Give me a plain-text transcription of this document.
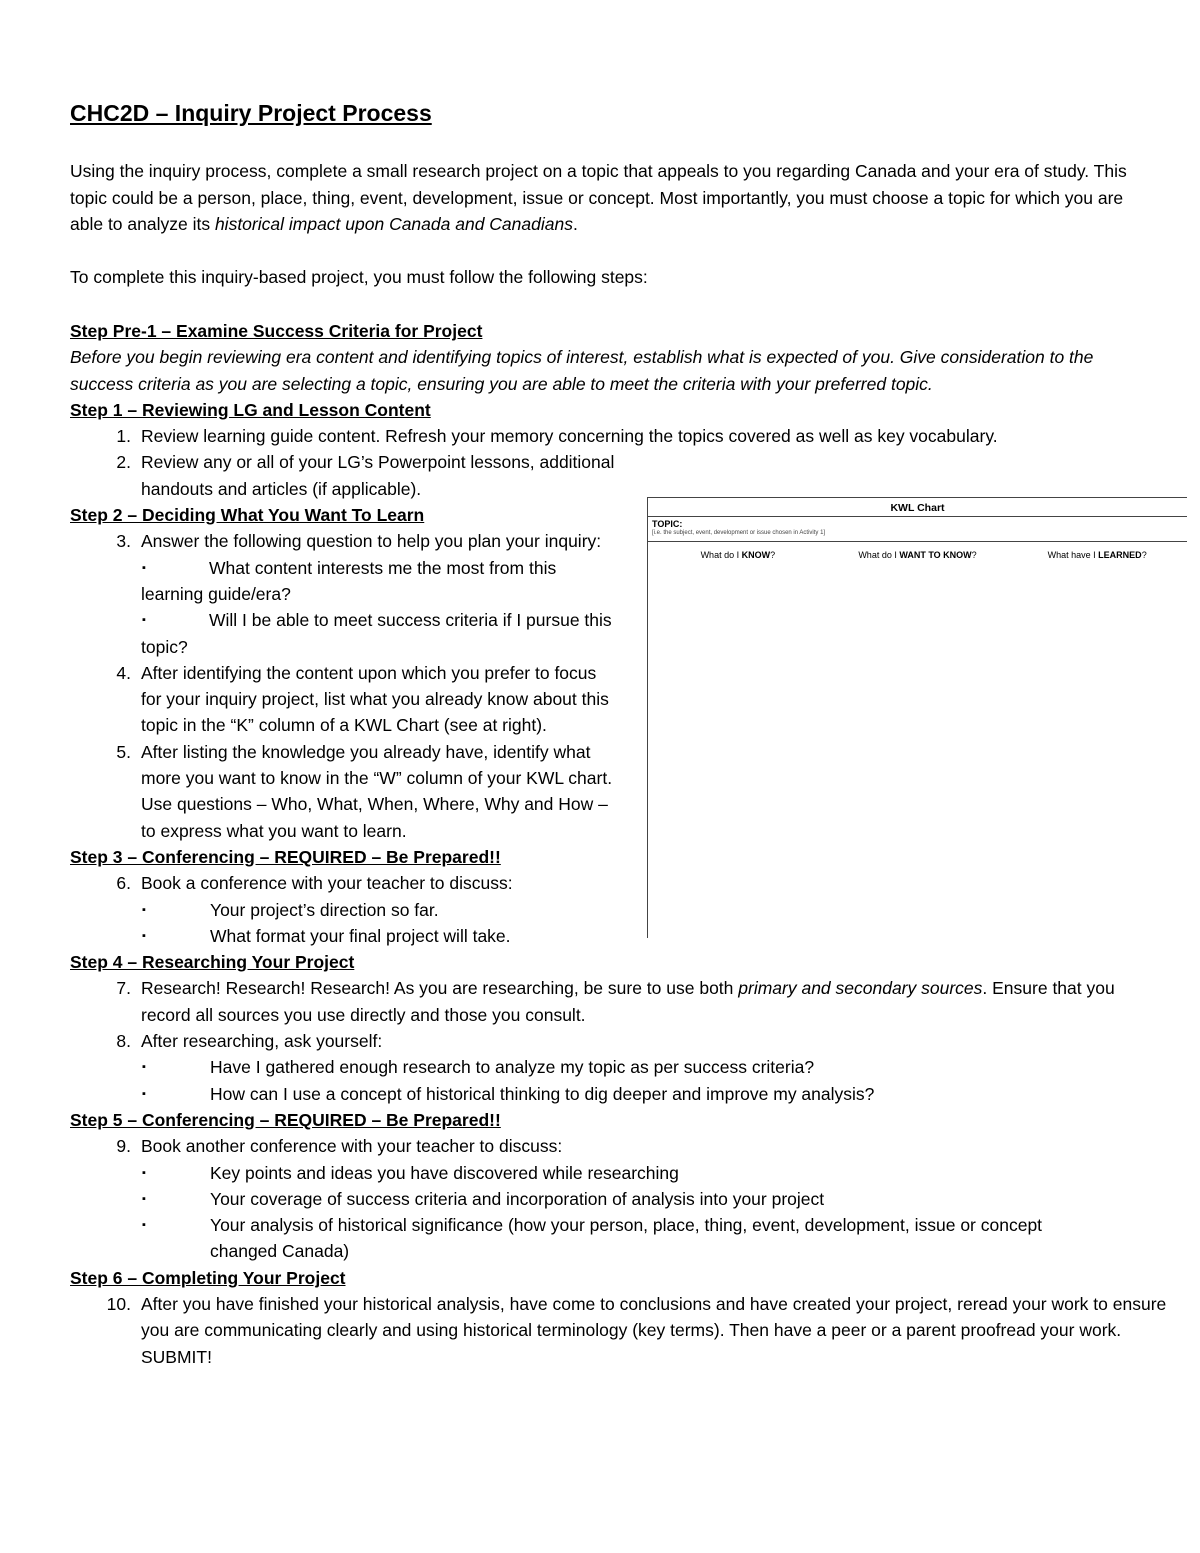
CHC2D – Inquiry Project Process

Using the inquiry process, complete a small research project on a topic that appeals to you regarding Canada and your era of study. This topic could be a person, place, thing, event, development, issue or concept. Most importantly, you must choose a topic for which you are able to analyze its historical impact upon Canada and Canadians.

To complete this inquiry-based project, you must follow the following steps:

Step Pre-1 – Examine Success Criteria for Project
Before you begin reviewing era content and identifying topics of interest, establish what is expected of you. Give consideration to the success criteria as you are selecting a topic, ensuring you are able to meet the criteria with your preferred topic.
Step 1 – Reviewing LG and Lesson Content
1. Review learning guide content. Refresh your memory concerning the topics covered as well as key vocabulary.
2. Review any or all of your LG’s Powerpoint lessons, additional handouts and articles (if applicable).
Step 2 – Deciding What You Want To Learn
3. Answer the following question to help you plan your inquiry:
▪	What content interests me the most from this learning guide/era?
▪	Will I be able to meet success criteria if I pursue this topic?
4. After identifying the content upon which you prefer to focus for your inquiry project, list what you already know about this topic in the “K” column of a KWL Chart (see at right).
5. After listing the knowledge you already have, identify what more you want to know in the “W” column of your KWL chart. Use questions – Who, What, When, Where, Why and How – to express what you want to learn.
Step 3 – Conferencing – REQUIRED – Be Prepared!!
6. Book a conference with your teacher to discuss:
▪	Your project’s direction so far.
▪	What format your final project will take.
Step 4 – Researching Your Project
7. Research! Research! Research! As you are researching, be sure to use both primary and secondary sources. Ensure that you record all sources you use directly and those you consult.
8. After researching, ask yourself:
▪	Have I gathered enough research to analyze my topic as per success criteria?
▪	How can I use a concept of historical thinking to dig deeper and improve my analysis?
Step 5 – Conferencing – REQUIRED – Be Prepared!!
9. Book another conference with your teacher to discuss:
▪	Key points and ideas you have discovered while researching
▪	Your coverage of success criteria and incorporation of analysis into your project
▪	Your analysis of historical significance (how your person, place, thing, event, development, issue or concept changed Canada)
Step 6 – Completing Your Project
10. After you have finished your historical analysis, have come to conclusions and have created your project, reread your work to ensure you are communicating clearly and using historical terminology (key terms). Then have a peer or a parent proofread your work. SUBMIT!
KWL Chart
TOPIC:
[i.e. the subject, event, development or issue chosen in Activity 1]
What do I KNOW?	What do I WANT TO KNOW?	What have I LEARNED?
